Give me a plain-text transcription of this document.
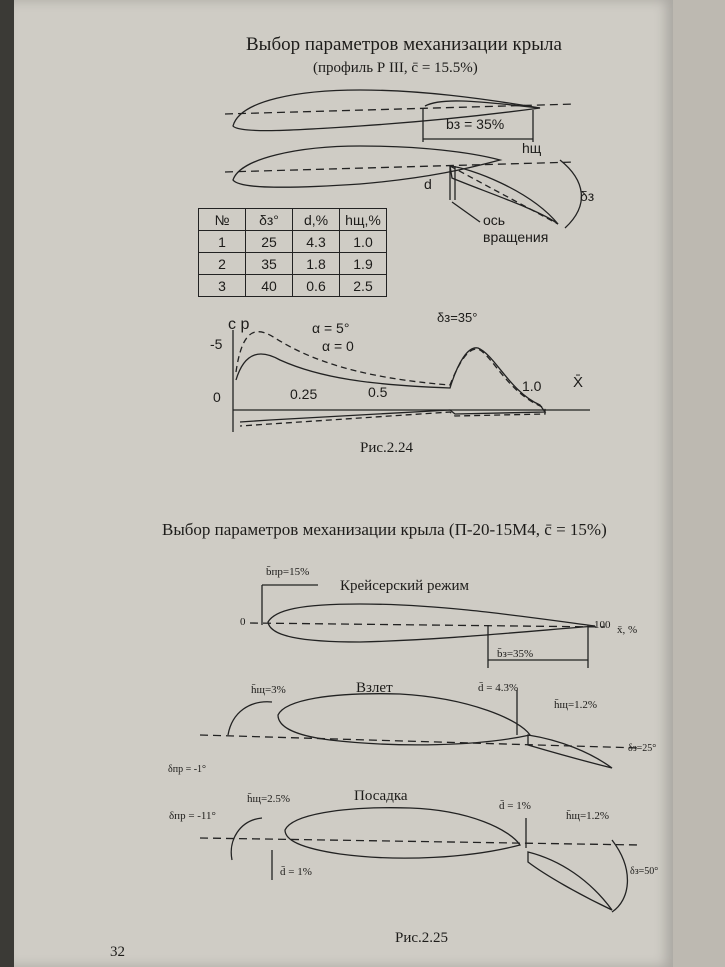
Выбор параметров механизации крыла
(профиль Р III, c̄ = 15.5%)
bз = 35%
hщ
d
δз
ось
вращения
№	δз°	d,%	hщ,%
1	25	4.3	1.0
2	35	1.8	1.9
3	40	0.6	2.5
c p
-5
0	0.25	0.5	1.0 X̄
α = 5°
α = 0
δз=35°
Рис.2.24
Выбор параметров механизации крыла (П-20-15М4, c̄ = 15%)
b̄пр=15%
Крейсерский режим
0	100 x̄, %
b̄з=35%
h̄щ=3%	Взлет	d̄ = 4.3%
h̄щ=1.2%
δпр = -1°
δз=25°
h̄щ=2.5%	Посадка
δпр = -11°
d̄ = 1%
h̄щ=1.2%
d̄ = 1%	δз=50°
Рис.2.25
32
